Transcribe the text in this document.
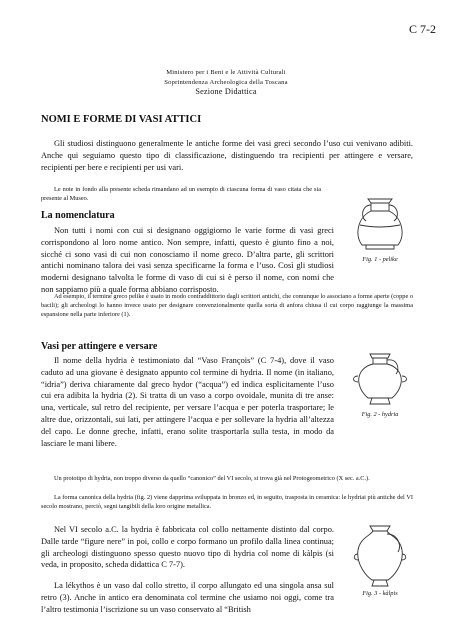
C 7-2
Ministero per i Beni e le Attività Culturali
Soprintendenza Archeologica della Toscana
Sezione Didattica
NOMI E FORME DI VASI ATTICI

Gli studiosi distinguono generalmente le antiche forme dei vasi greci secondo l’uso cui venivano adibiti. Anche qui seguiamo questo tipo di classificazione, distinguendo tra recipienti per attingere e versare, recipienti per bere e recipienti per usi vari.

Le note in fondo alla presente scheda rimandano ad un esempio di ciascuna forma di vaso citata che sia presente al Museo.

La nomenclatura

Non tutti i nomi con cui si designano oggigiorno le varie forme di vasi greci corrispondono al loro nome antico. Non sempre, infatti, questo è giunto fino a noi, sicché ci sono vasi di cui non conosciamo il nome greco. D’altra parte, gli scrittori antichi nominano talora dei vasi senza specificarne la forma e l’uso. Così gli studiosi moderni designano talvolta le forme di vaso di cui si è perso il nome, con nomi che non sappiamo più a quale forma abbiano corrisposto.

Ad esempio, il termine greco pelike è usato in modo contraddittorio dagli scrittori antichi, che comunque lo associano a forme aperte (coppe o bacili); gli archeologi lo hanno invece usato per designare convenzionalmente quella sorta di anfora chiusa il cui corpo raggiunge la massima espansione nella parte inferiore (1).

Fig. 1 - pelike
Vasi per attingere e versare

Il nome della hydria è testimoniato dal “Vaso François” (C 7-4), dove il vaso caduto ad una giovane è designato appunto col termine di hydria. Il nome (in italiano, “idria”) deriva chiaramente dal greco hydor (“acqua”) ed indica esplicitamente l’uso cui era adibita la hydria (2). Si tratta di un vaso a corpo ovoidale, munita di tre anse: una, verticale, sul retro del recipiente, per versare l’acqua e per poterla trasportare; le altre due, orizzontali, sui lati, per attingere l’acqua e per sollevare la hydria all’altezza del capo. Le donne greche, infatti, erano solite trasportarla sulla testa, in modo da lasciare le mani libere.

Fig. 2 - hydria

Un prototipo di hydria, non troppo diverso da quello “canonico” del VI secolo, si trova già nel Protogeometrico (X sec. a.C.).

La forma canonica della hydria (fig. 2) viene dapprima sviluppata in bronzo ed, in seguito, trasposta in ceramica: le hydriai più antiche del VI secolo mostrano, perciò, segni tangibili della loro origine metallica.

Nel VI secolo a.C. la hydria è fabbricata col collo nettamente distinto dal corpo. Dalle tarde “figure nere” in poi, collo e corpo formano un profilo dalla linea continua; gli archeologi distinguono spesso questo nuovo tipo di hydria col nome di kàlpis (si veda, in proposito, scheda didattica C 7-7).

La lékythos è un vaso dal collo stretto, il corpo allungato ed una singola ansa sul retro (3). Anche in antico era denominata col termine che usiamo noi oggi, come tra l’altro testimonia l’iscrizione su un vaso conservato al “British

Fig. 3 - kàlpis
